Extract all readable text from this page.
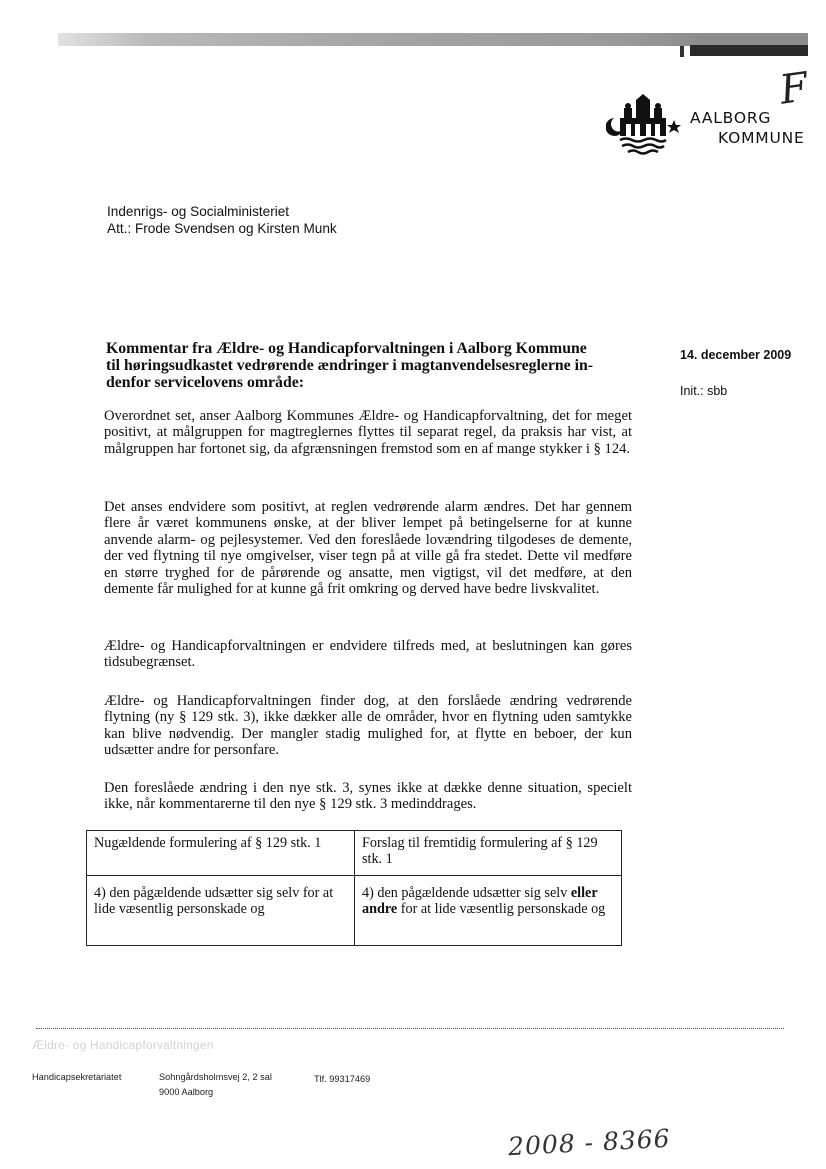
F
AALBORG
KOMMUNE
Indenrigs- og Socialministeriet
Att.: Frode Svendsen og Kirsten Munk
14. december 2009
Init.: sbb
Kommentar fra Ældre- og Handicapforvaltningen i Aalborg Kommune
til høringsudkastet vedrørende ændringer i magtanvendelsesreglerne in-
denfor servicelovens område:
Overordnet set, anser Aalborg Kommunes Ældre- og Handicapforvaltning, det for meget positivt, at målgruppen for magtreglernes flyttes til separat regel, da praksis har vist, at målgruppen har fortonet sig, da afgrænsningen fremstod som en af mange stykker i § 124.
Det anses endvidere som positivt, at reglen vedrørende alarm ændres. Det har gennem flere år været kommunens ønske, at der bliver lempet på betingelserne for at kunne anvende alarm- og pejlesystemer. Ved den foreslåede lovændring tilgodeses de demente, der ved flytning til nye omgivelser, viser tegn på at ville gå fra stedet. Dette vil medføre en større tryghed for de pårørende og ansatte, men vigtigst, vil det medføre, at den demente får mulighed for at kunne gå frit omkring og derved have bedre livskvalitet.
Ældre- og Handicapforvaltningen er endvidere tilfreds med, at beslutningen kan gøres tidsubegrænset.
Ældre- og Handicapforvaltningen finder dog, at den forslåede ændring vedrørende flytning (ny § 129 stk. 3), ikke dækker alle de områder, hvor en flytning uden samtykke kan blive nødvendig. Der mangler stadig mulighed for, at flytte en beboer, der kun udsætter andre for personfare.
Den foreslåede ændring i den nye stk. 3, synes ikke at dække denne situation, specielt ikke, når kommentarerne til den nye § 129 stk. 3 medinddrages.
Nugældende formulering af § 129 stk. 1	Forslag til fremtidig formulering af § 129 stk. 1
4) den pågældende udsætter sig selv for at lide væsentlig personskade og	4) den pågældende udsætter sig selv eller andre for at lide væsentlig personskade og
Ældre- og Handicapforvaltningen
Handicapsekretariatet	Sohngårdsholmsvej 2, 2 sal
9000 Aalborg
Tlf. 99317469
2008 - 8366
